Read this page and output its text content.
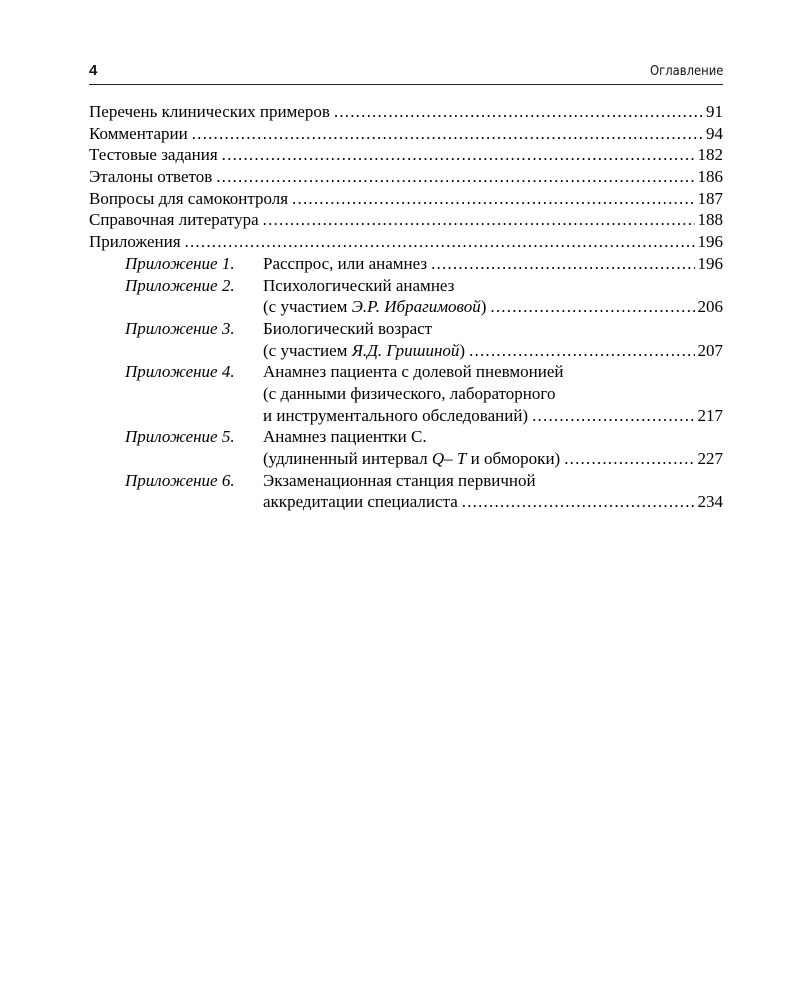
4	Оглавление
Перечень клинических примеров .....	91
Комментарии .....	94
Тестовые задания .....	182
Эталоны ответов .....	186
Вопросы для самоконтроля .....	187
Справочная литература .....	188
Приложения .....	196
Приложение 1.	Расспрос, или анамнез .....	196
Приложение 2.	Психологический анамнез
(с участием Э.Р. Ибрагимовой) .....	206
Приложение 3.	Биологический возраст
(с участием Я.Д. Гришиной) .....	207
Приложение 4.	Анамнез пациента с долевой пневмонией
(с данными физического, лабораторного
и инструментального обследований) .....	217
Приложение 5.	Анамнез пациентки С.
(удлиненный интервал Q– T и обмороки) .....	227
Приложение 6.	Экзаменационная станция первичной
аккредитации специалиста .....	234
